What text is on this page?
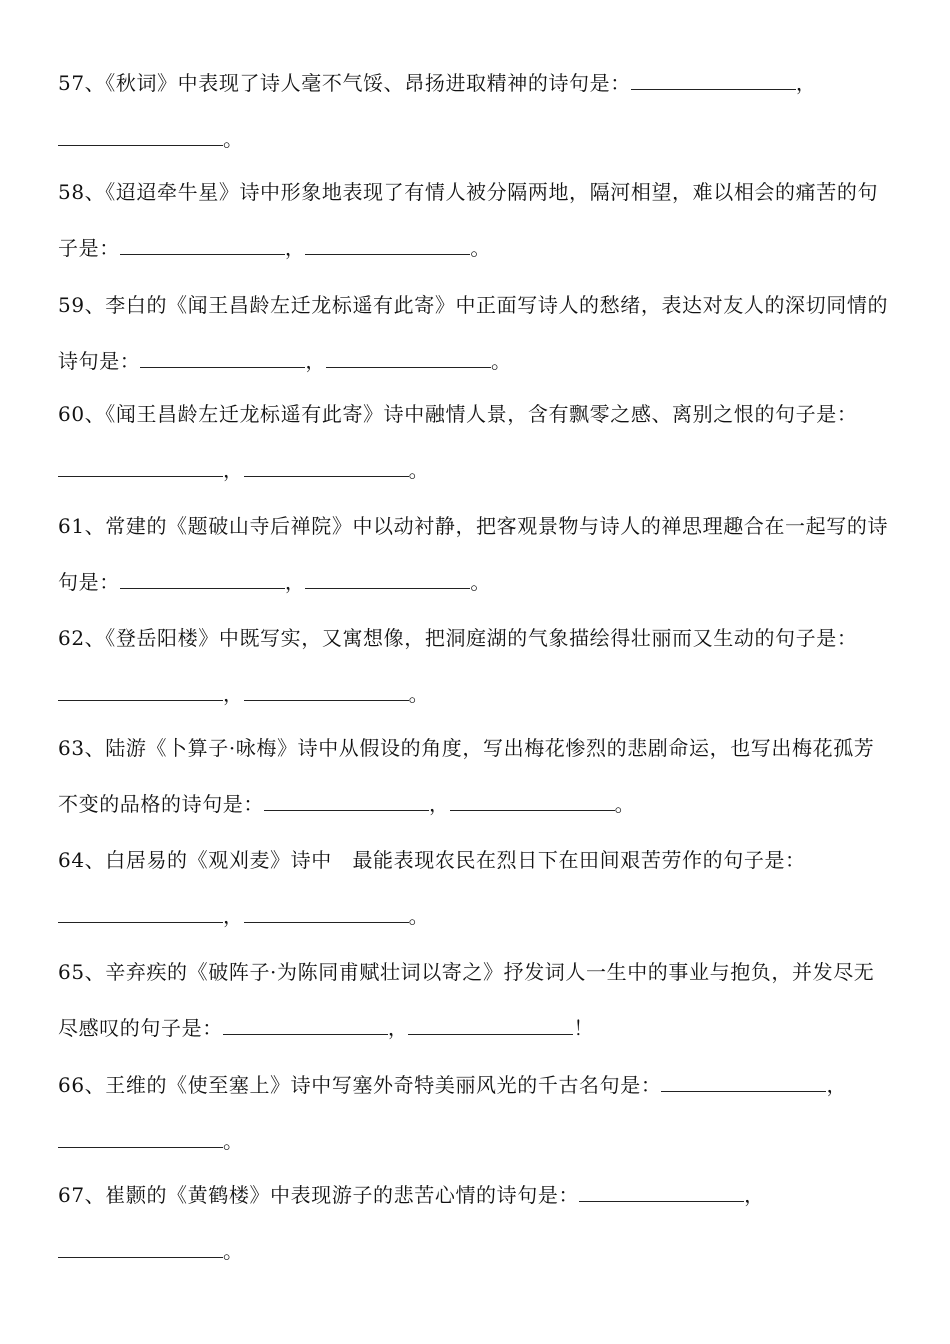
57、《秋词》中表现了诗人毫不气馁、昂扬进取精神的诗句是：	，。
58、《迢迢牵牛星》诗中形象地表现了有情人被分隔两地，隔河相望，难以相会的痛苦的句子是：	，	。
59、李白的《闻王昌龄左迁龙标遥有此寄》中正面写诗人的愁绪，表达对友人的深切同情的诗句是：	，	。
60、《闻王昌龄左迁龙标遥有此寄》诗中融情人景，含有飘零之感、离别之恨的句子是：，	。
61、常建的《题破山寺后禅院》中以动衬静，把客观景物与诗人的禅思理趣合在一起写的诗句是：	，	。
62、《登岳阳楼》中既写实，又寓想像，把洞庭湖的气象描绘得壮丽而又生动的句子是：，	。
63、陆游《卜算子·咏梅》诗中从假设的角度，写出梅花惨烈的悲剧命运，也写出梅花孤芳不变的品格的诗句是：	，	。
64、白居易的《观刈麦》诗中　最能表现农民在烈日下在田间艰苦劳作的句子是：，	。
65、辛弃疾的《破阵子·为陈同甫赋壮词以寄之》抒发词人一生中的事业与抱负，并发尽无尽感叹的句子是：	，	！
66、王维的《使至塞上》诗中写塞外奇特美丽风光的千古名句是：	，。
67、崔颢的《黄鹤楼》中表现游子的悲苦心情的诗句是：	，。
